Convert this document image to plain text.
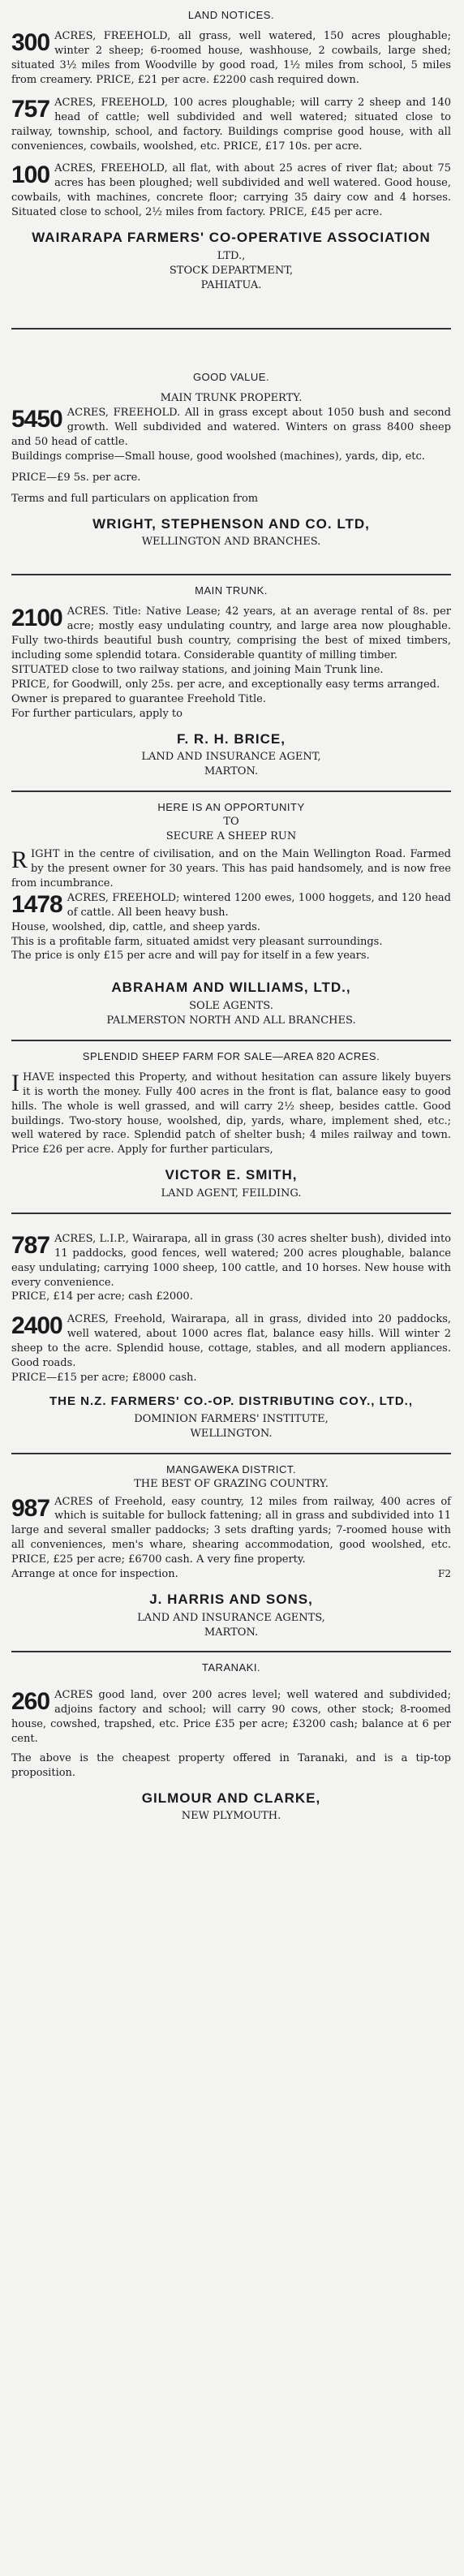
LAND NOTICES.
300 ACRES, FREEHOLD, all grass, well watered, 150 acres ploughable; winter 2 sheep; 6-roomed house, washhouse, 2 cowbails, large shed; situated 3½ miles from Woodville by good road, 1½ miles from school, 5 miles from creamery. PRICE, £21 per acre. £2200 cash required down.

757 ACRES, FREEHOLD, 100 acres ploughable; will carry 2 sheep and 140 head of cattle; well subdivided and well watered; situated close to railway, township, school, and factory. Buildings comprise good house, with all conveniences, cowbails, woolshed, etc. PRICE, £17 10s. per acre.

100 ACRES, FREEHOLD, all flat, with about 25 acres of river flat; about 75 acres has been ploughed; well subdivided and well watered. Good house, cowbails, with machines, concrete floor; carrying 35 dairy cow and 4 horses. Situated close to school, 2½ miles from factory. PRICE, £45 per acre.

WAIRARAPA FARMERS' CO-OPERATIVE ASSOCIATION
LTD.,
STOCK DEPARTMENT,
PAHIATUA.
GOOD VALUE.
MAIN TRUNK PROPERTY.
5450 ACRES, FREEHOLD. All in grass except about 1050 bush and second growth. Well subdivided and watered. Winters on grass 8400 sheep and 50 head of cattle.

Buildings comprise—Small house, good woolshed (machines), yards, dip, etc.

PRICE—£9 5s. per acre.

Terms and full particulars on application from

WRIGHT, STEPHENSON AND CO. LTD,
WELLINGTON AND BRANCHES.
MAIN TRUNK.
2100 ACRES. Title: Native Lease; 42 years, at an average rental of 8s. per acre; mostly easy undulating country, and large area now ploughable. Fully two-thirds beautiful bush country, comprising the best of mixed timbers, including some splendid totara. Considerable quantity of milling timber.

SITUATED close to two railway stations, and joining Main Trunk line.

PRICE, for Goodwill, only 25s. per acre, and exceptionally easy terms arranged.

Owner is prepared to guarantee Freehold Title.

For further particulars, apply to

F. R. H. BRICE,
LAND AND INSURANCE AGENT,
MARTON.
HERE IS AN OPPORTUNITY
TO
SECURE A SHEEP RUN

RIGHT in the centre of civilisation, and on the Main Wellington Road. Farmed by the present owner for 30 years. This has paid handsomely, and is now free from incumbrance.

1478 ACRES, FREEHOLD; wintered 1200 ewes, 1000 hoggets, and 120 head of cattle. All been heavy bush.

House, woolshed, dip, cattle, and sheep yards.

This is a profitable farm, situated amidst very pleasant surroundings.

The price is only £15 per acre and will pay for itself in a few years.

ABRAHAM AND WILLIAMS, LTD.,
SOLE AGENTS.
PALMERSTON NORTH AND ALL BRANCHES.
SPLENDID SHEEP FARM FOR SALE—AREA 820 ACRES.

IHAVE inspected this Property, and without hesitation can assure likely buyers it is worth the money. Fully 400 acres in the front is flat, balance easy to good hills. The whole is well grassed, and will carry 2½ sheep, besides cattle. Good buildings. Two-story house, woolshed, dip, yards, whare, implement shed, etc.; well watered by race. Splendid patch of shelter bush; 4 miles railway and town. Price £26 per acre. Apply for further particulars,

VICTOR E. SMITH,
LAND AGENT, FEILDING.
787 ACRES, L.I.P., Wairarapa, all in grass (30 acres shelter bush), divided into 11 paddocks, good fences, well watered; 200 acres ploughable, balance easy undulating; carrying 1000 sheep, 100 cattle, and 10 horses. New house with every convenience.

PRICE, £14 per acre; cash £2000.

2400 ACRES, Freehold, Wairarapa, all in grass, divided into 20 paddocks, well watered, about 1000 acres flat, balance easy hills. Will winter 2 sheep to the acre. Splendid house, cottage, stables, and all modern appliances. Good roads.

PRICE—£15 per acre; £8000 cash.

THE N.Z. FARMERS' CO.-OP. DISTRIBUTING COY., LTD.,
DOMINION FARMERS' INSTITUTE,
WELLINGTON.
MANGAWEKA DISTRICT.
THE BEST OF GRAZING COUNTRY.
987 ACRES of Freehold, easy country, 12 miles from railway, 400 acres of which is suitable for bullock fattening; all in grass and subdivided into 11 large and several smaller paddocks; 3 sets drafting yards; 7-roomed house with all conveniences, men's whare, shearing accommodation, good woolshed, etc. PRICE, £25 per acre; £6700 cash. A very fine property.

Arrange at once for inspection.	F2

J. HARRIS AND SONS,
LAND AND INSURANCE AGENTS,
MARTON.
TARANAKI.
260 ACRES good land, over 200 acres level; well watered and subdivided; adjoins factory and school; will carry 90 cows, other stock; 8-roomed house, cowshed, trapshed, etc. Price £35 per acre; £3200 cash; balance at 6 per cent.

The above is the cheapest property offered in Taranaki, and is a tip-top proposition.

GILMOUR AND CLARKE,
NEW PLYMOUTH.
